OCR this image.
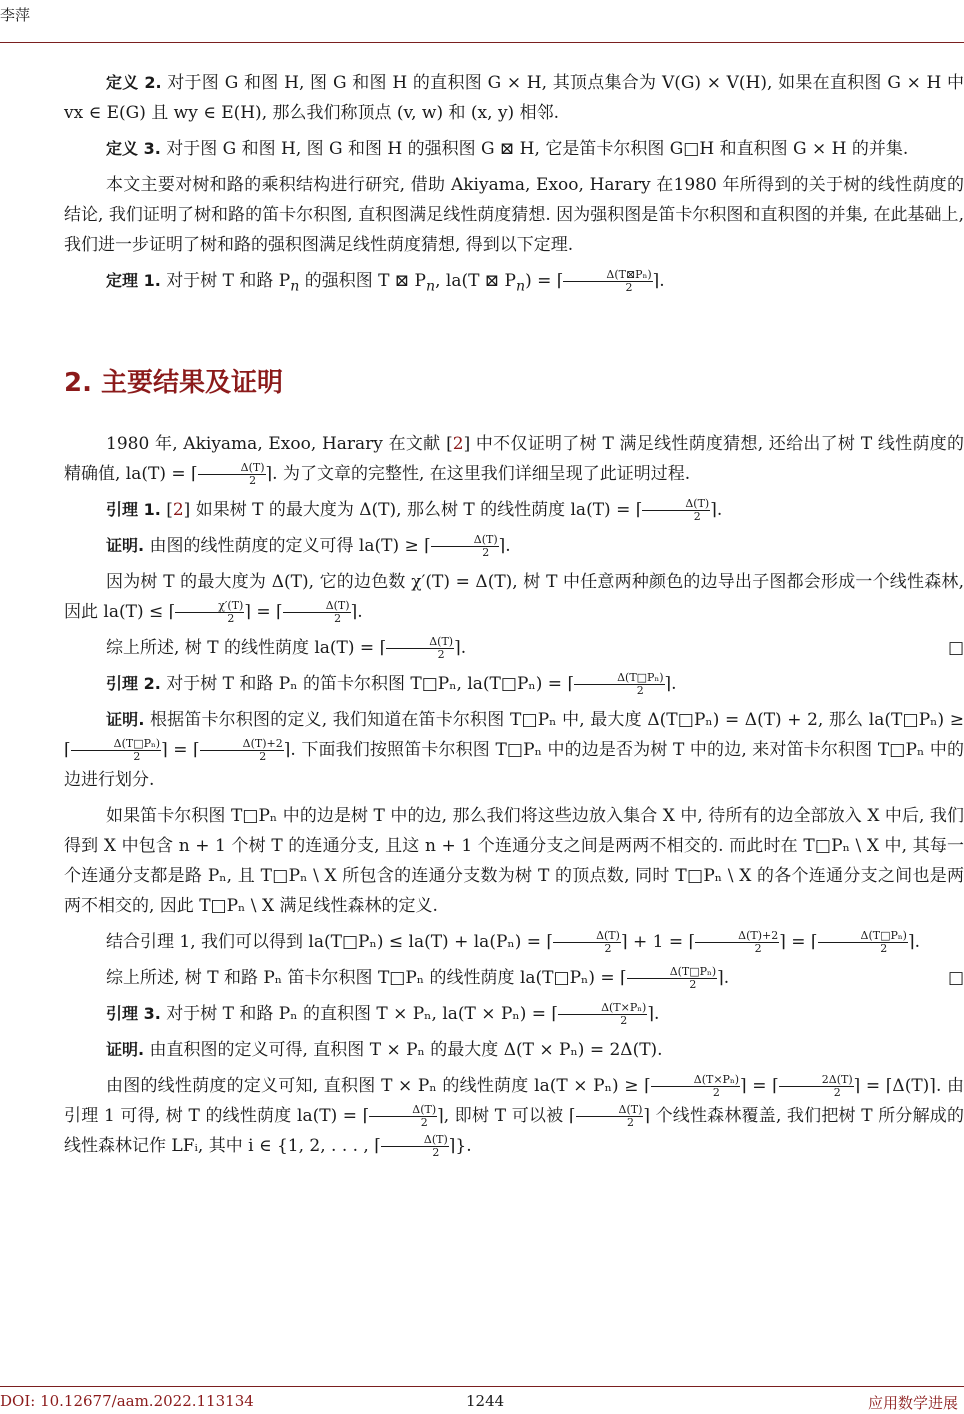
李萍

定义 2. 对于图 G 和图 H, 图 G 和图 H 的直积图 G × H, 其顶点集合为 V(G) × V(H), 如果在直积图 G × H 中 vx ∈ E(G) 且 wy ∈ E(H), 那么我们称顶点 (v, w) 和 (x, y) 相邻.

定义 3. 对于图 G 和图 H, 图 G 和图 H 的强积图 G ⊠ H, 它是笛卡尔积图 G□H 和直积图 G × H 的并集.

本文主要对树和路的乘积结构进行研究, 借助 Akiyama, Exoo, Harary 在1980 年所得到的关于树的线性荫度的结论, 我们证明了树和路的笛卡尔积图, 直积图满足线性荫度猜想. 因为强积图是笛卡尔积图和直积图的并集, 在此基础上, 我们进一步证明了树和路的强积图满足线性荫度猜想, 得到以下定理.

定理 1. 对于树 T 和路 $P_n$ 的强积图 T ⊠ $P_n$, la(T ⊠ $P_n$) = ⌈ $\frac{\text{Δ(T⊠Pₙ)}}{2}$ ⌉.

2. 主要结果及证明

1980 年, Akiyama, Exoo, Harary 在文献 [2] 中不仅证明了树 T 满足线性荫度猜想, 还给出了树 T 线性荫度的精确值, la(T) = ⌈ $\frac{\Delta(T)}{2}$ ⌉. 为了文章的完整性, 在这里我们详细呈现了此证明过程.

引理 1. [2] 如果树 T 的最大度为 Δ(T), 那么树 T 的线性荫度 la(T) = ⌈ $\frac{\Delta(T)}{2}$ ⌉.

证明. 由图的线性荫度的定义可得 la(T) ≥ ⌈ $\frac{\Delta(T)}{2}$ ⌉.

因为树 T 的最大度为 Δ(T), 它的边色数 χ′(T) = Δ(T), 树 T 中任意两种颜色的边导出子图都会形成一个线性森林, 因此 la(T) ≤ ⌈ $\frac{\chi'(T)}{2}$ ⌉ = ⌈ $\frac{\Delta(T)}{2}$ ⌉.

综上所述, 树 T 的线性荫度 la(T) = ⌈ $\frac{\Delta(T)}{2}$ ⌉.	□

引理 2. 对于树 T 和路 Pₙ 的笛卡尔积图 T□Pₙ, la(T□Pₙ) = ⌈ $\frac{\text{Δ(T□Pₙ)}}{2}$ ⌉.

证明. 根据笛卡尔积图的定义, 我们知道在笛卡尔积图 T□Pₙ 中, 最大度 Δ(T□Pₙ) = Δ(T) + 2, 那么 la(T□Pₙ) ≥ ⌈ $\frac{\text{Δ(T□Pₙ)}}{2}$ ⌉ = ⌈ $\frac{\Delta(T)+2}{2}$ ⌉. 下面我们按照笛卡尔积图 T□Pₙ 中的边是否为树 T 中的边, 来对笛卡尔积图 T□Pₙ 中的边进行划分.

如果笛卡尔积图 T□Pₙ 中的边是树 T 中的边, 那么我们将这些边放入集合 X 中, 待所有的边全部放入 X 中后, 我们得到 X 中包含 n + 1 个树 T 的连通分支, 且这 n + 1 个连通分支之间是两两不相交的. 而此时在 T□Pₙ \ X 中, 其每一个连通分支都是路 Pₙ, 且 T□Pₙ \ X 所包含的连通分支数为树 T 的顶点数, 同时 T□Pₙ \ X 的各个连通分支之间也是两两不相交的, 因此 T□Pₙ \ X 满足线性森林的定义.

结合引理 1, 我们可以得到 la(T□Pₙ) ≤ la(T) + la(Pₙ) = ⌈ $\frac{\Delta(T)}{2}$ ⌉ + 1 = ⌈ $\frac{\Delta(T)+2}{2}$ ⌉ = ⌈ $\frac{\text{Δ(T□Pₙ)}}{2}$ ⌉.

综上所述, 树 T 和路 Pₙ 笛卡尔积图 T□Pₙ 的线性荫度 la(T□Pₙ) = ⌈ $\frac{\text{Δ(T□Pₙ)}}{2}$ ⌉.	□

引理 3. 对于树 T 和路 Pₙ 的直积图 T × Pₙ, la(T × Pₙ) = ⌈ $\frac{\text{Δ(T×Pₙ)}}{2}$ ⌉.

证明. 由直积图的定义可得, 直积图 T × Pₙ 的最大度 Δ(T × Pₙ) = 2Δ(T).

由图的线性荫度的定义可知, 直积图 T × Pₙ 的线性荫度 la(T × Pₙ) ≥ ⌈ $\frac{\text{Δ(T×Pₙ)}}{2}$ ⌉ = ⌈ $\frac{2\Delta(T)}{2}$ ⌉ = ⌈Δ(T)⌉. 由引理 1 可得, 树 T 的线性荫度 la(T) = ⌈ $\frac{\Delta(T)}{2}$ ⌉, 即树 T 可以被 ⌈ $\frac{\Delta(T)}{2}$ ⌉ 个线性森林覆盖, 我们把树 T 所分解成的线性森林记作 LFᵢ, 其中 i ∈ {1, 2, . . . , ⌈ $\frac{\Delta(T)}{2}$ ⌉}.

DOI: 10.12677/aam.2022.113134	1244	应用数学进展
